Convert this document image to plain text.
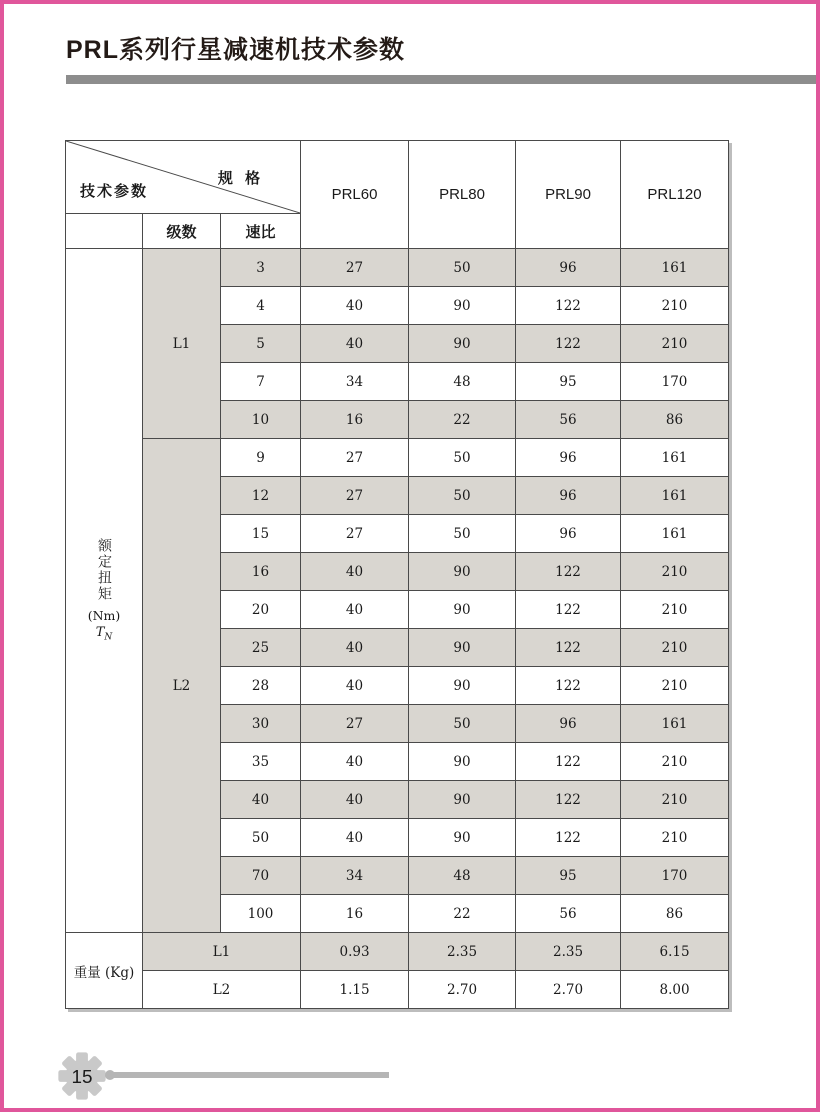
PRL系列行星减速机技术参数
规 格
技术参数			PRL60	PRL80	PRL90	PRL120
	级数	速比				

额定扭矩
(Nm)
$T_N$	L1	3	27	50	96	161
		4	40	90	122	210
		5	40	90	122	210
		7	34	48	95	170
		10	16	22	56	86
	L2	9	27	50	96	161
		12	27	50	96	161
		15	27	50	96	161
		16	40	90	122	210
		20	40	90	122	210
		25	40	90	122	210
		28	40	90	122	210
		30	27	50	96	161
		35	40	90	122	210
		40	40	90	122	210
		50	40	90	122	210
		70	34	48	95	170
		100	16	22	56	86
重量 (Kg)	L1		0.93	2.35	2.35	6.15
	L2		1.15	2.70	2.70	8.00
15
